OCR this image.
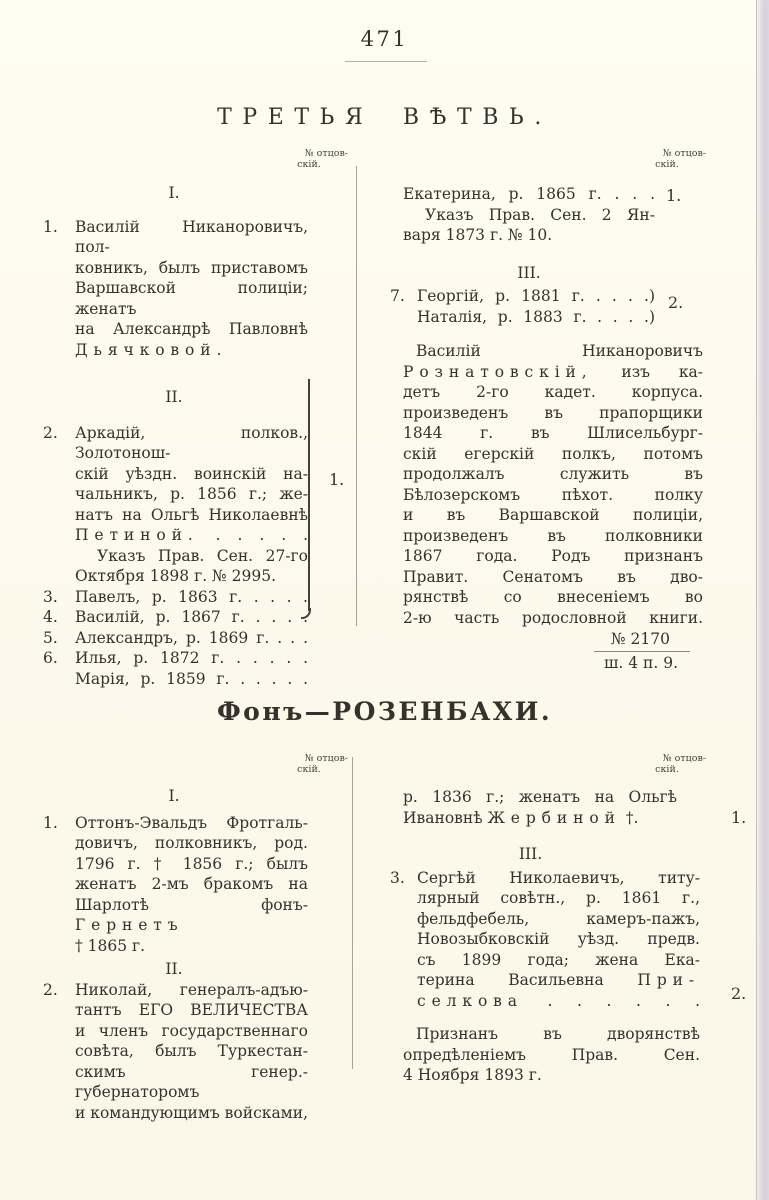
471
ТРЕТЬЯ ВѢТВЬ.
№ отцов-
скій.
№ отцов-
скій.
I.
1. Василій Никаноровичъ, пол-
ковникъ, былъ приставомъ
Варшавской полиціи; женатъ
на Александрѣ Павловнѣ
Дьячковой.
II.
2. Аркадій, полков., Золотонош-
скій уѣздн. воинскій на-
чальникъ, р. 1856 г.; же-
натъ на Ольгѣ Николаевнѣ
Петиной. . . . . .
Указъ Прав. Сен. 27-го
Октября 1898 г. № 2995.
3. Павелъ, р. 1863 г. . . . .
4. Василій, р. 1867 г. . . . .
5. Александръ, р. 1869 г. . . .
6. Илья, р. 1872 г. . . . . .
Марія, р. 1859 г. . . . . .
1.
Екатерина, р. 1865 г. . . .
Указъ Прав. Сен. 2 Ян-
варя 1873 г. № 10.
III.
7. Георгій, р. 1881 г. . . . .)
Наталія, р. 1883 г. . . . .)
Василій Никаноровичъ
Рознатовскій, изъ ка-
детъ 2-го кадет. корпуса.
произведенъ въ прапорщики
1844 г. въ Шлисельбург-
скій егерскій полкъ, потомъ
продолжалъ служить въ
Бѣлозерскомъ пѣхот. полку
и въ Варшавской полиціи,
произведенъ въ полковники
1867 года. Родъ признанъ
Правит. Сенатомъ въ дво-
рянствѣ со внесеніемъ во
2-ю часть родословной книги.
№ 2170
ш. 4 п. 9.
1.
2.
Фонъ—РОЗЕНБАХИ.
№ отцов-
скій.
№ отцов-
скій.
I.
1. Оттонъ-Эвальдъ Фротгаль-
довичъ, полковникъ, род.
1796 г. † 1856 г.; былъ
женатъ 2-мъ бракомъ на
Шарлотѣ фонъ-Гернетъ
† 1865 г.
II.
2. Николай, генералъ-адъю-
тантъ ЕГО ВЕЛИЧЕСТВА
и членъ государственнаго
совѣта, былъ Туркестан-
скимъ генер.-губернаторомъ
и командующимъ войсками,
р. 1836 г.; женатъ на Ольгѣ
Ивановнѣ Жербиной †.
III.
3. Сергѣй Николаевичъ, титу-
лярный совѣтн., р. 1861 г.,
фельдфебель, камеръ-пажъ,
Новозыбковскій уѣзд. предв.
съ 1899 года; жена Ека-
терина Васильевна При-
селкова . . . . . .
Признанъ въ дворянствѣ
опредѣленіемъ Прав. Сен.
4 Ноября 1893 г.
1.
2.
